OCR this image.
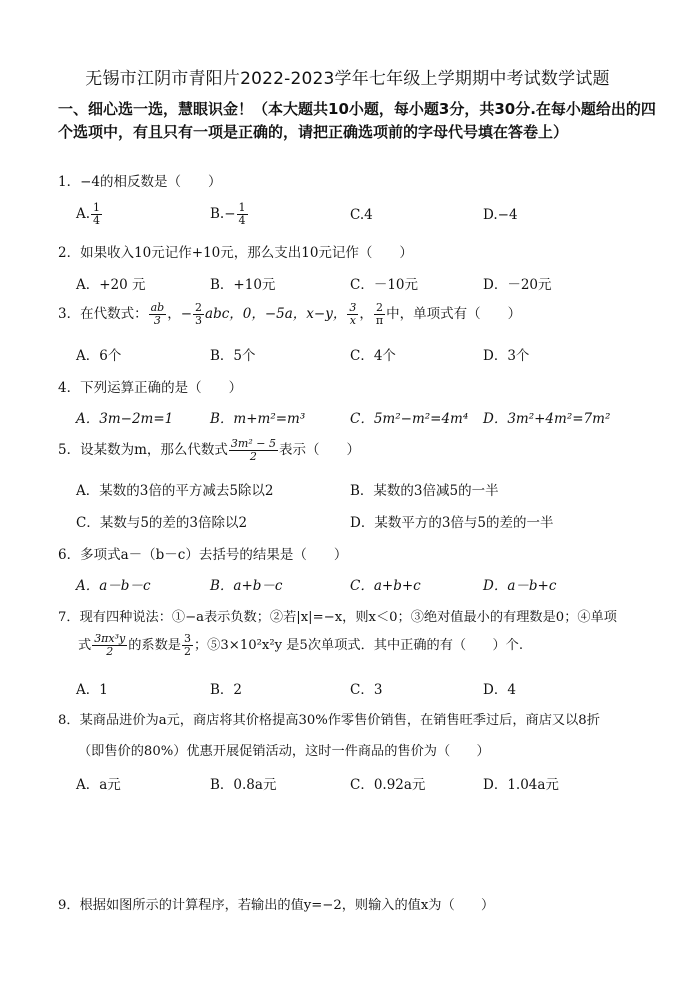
无锡市江阴市青阳片2022-2023学年七年级上学期期中考试数学试题
一、细心选一选，慧眼识金！（本大题共10小题，每小题3分，共30分.在每小题给出的四个选项中，有且只有一项是正确的，请把正确选项前的字母代号填在答卷上）
1．−4的相反数是（　　）
A. $\frac{1}{4}$	$B.- \frac{1}{4}$	C.4	D.−4
2．如果收入10元记作+10元，那么支出10元记作（　　）
A．+20 元	B．+10元	C．－10元	D．－20元
3．在代数式： $\frac{ab}{3}$ ，− $\frac{2}{3}$ abc，0，−5a，x−y， $\frac{3}{x}$ ， $\frac{2}{\pi}$ 中，单项式有（　　）
A．6个	B．5个	C．4个	D．3个
4．下列运算正确的是（　　）
A．3m−2m=1	B．m+m²=m³	C．5m²−m²=4m⁴ D．3m²+4m²=7m²
5．设某数为m，那么代数式 $\frac{\text{3m² − 5}}{2}$ 表示（　　）
A．某数的3倍的平方减去5除以2	B．某数的3倍减5的一半
C．某数与5的差的3倍除以2	D．某数平方的3倍与5的差的一半
6．多项式a－（b－c）去括号的结果是（　　）
A．a－b－c	B．a+b－c	C．a+b+c	D．a－b+c
7．现有四种说法：①−a表示负数；②若|x|=−x，则x＜0；③绝对值最小的有理数是0；④单项
式 $\frac{\text{3πx³y}}{2}$ 的系数是 $\frac{3}{2}$ ；⑤3×10²x²y 是5次单项式．其中正确的有（　　）个.
A．1	B．2	C．3	D．4
8．某商品进价为a元，商店将其价格提高30%作零售价销售，在销售旺季过后，商店又以8折
（即售价的80%）优惠开展促销活动，这时一件商品的售价为（　　）
A．a元	B．0.8a元	C．0.92a元	D．1.04a元
9．根据如图所示的计算程序，若输出的值y=−2，则输入的值x为（　　）
